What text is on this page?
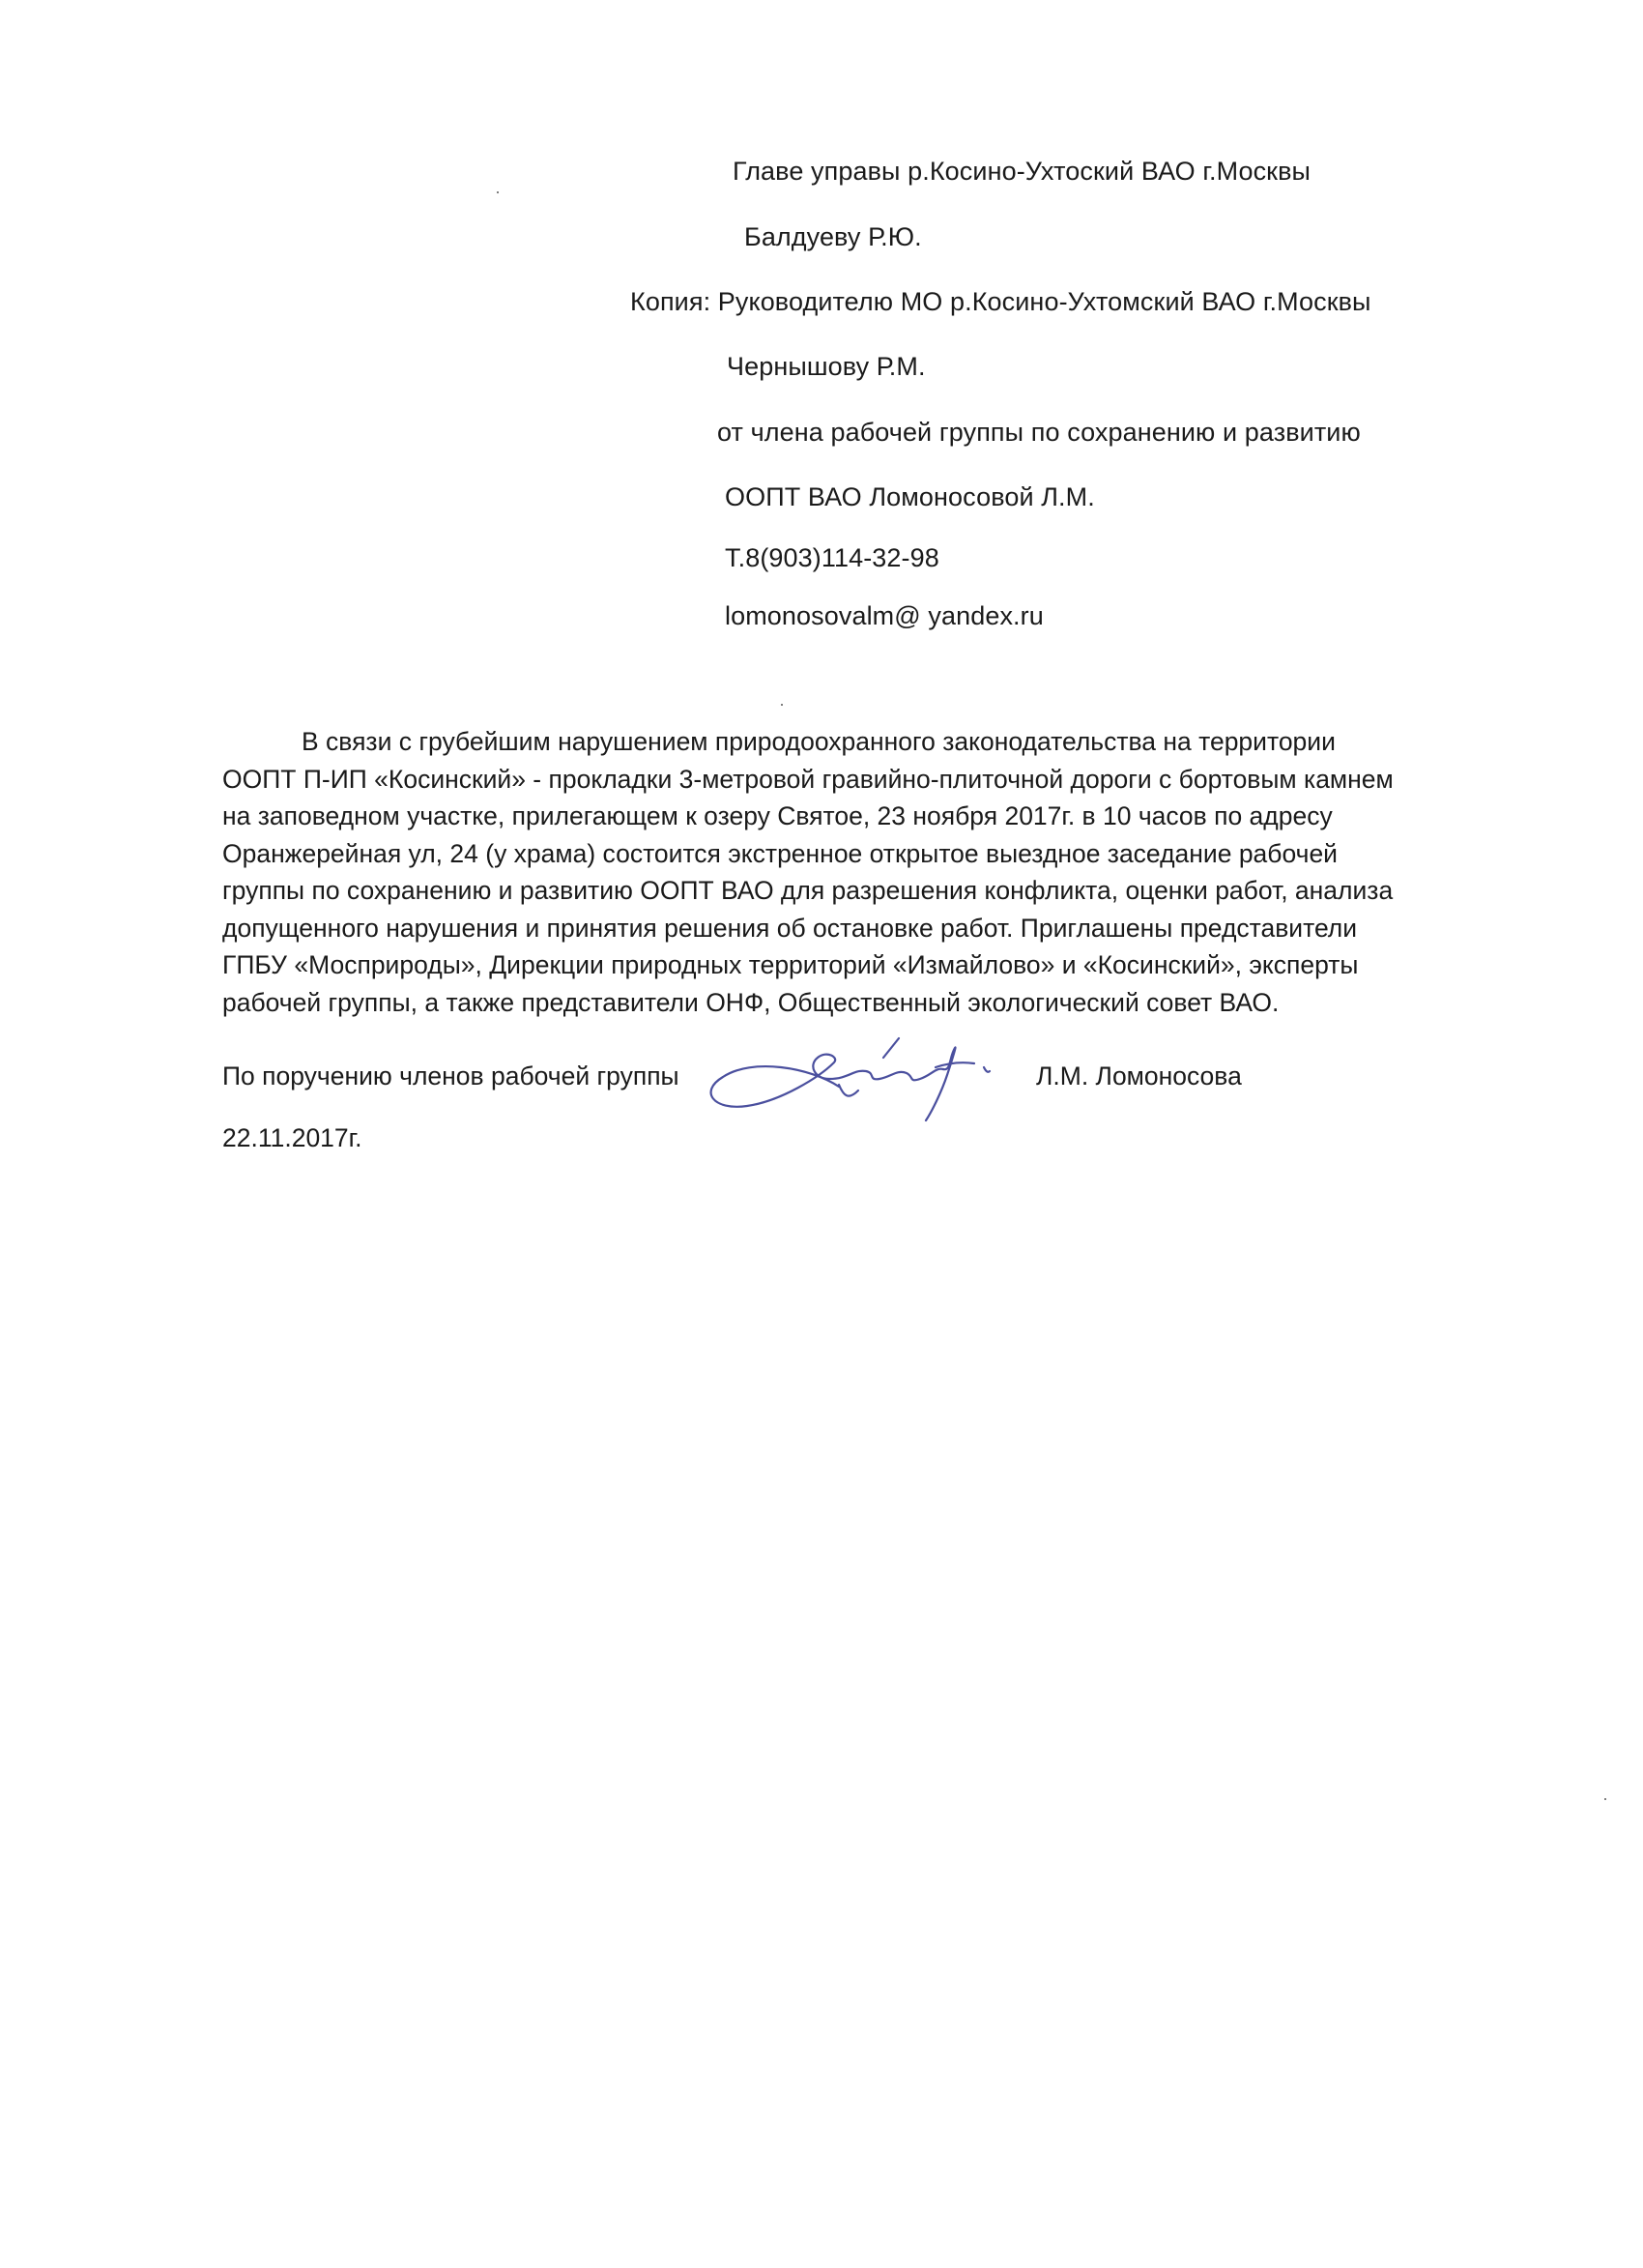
Главе управы р.Косино-Ухтоский ВАО г.Москвы
Балдуеву Р.Ю.
Копия: Руководителю МО р.Косино-Ухтомский ВАО г.Москвы
Чернышову Р.М.
от члена рабочей группы по сохранению и развитию
ООПТ ВАО Ломоносовой Л.М.
Т.8(903)114-32-98
lomonosovalm@ yandex.ru
В связи с грубейшим нарушением природоохранного законодательства на территории
ООПТ П-ИП «Косинский» - прокладки 3-метровой гравийно-плиточной дороги с бортовым камнем
на заповедном участке, прилегающем к озеру Святое, 23 ноября 2017г. в 10 часов по адресу
Оранжерейная ул, 24 (у храма) состоится экстренное открытое выездное заседание рабочей
группы по сохранению и развитию ООПТ ВАО для разрешения конфликта, оценки работ, анализа
допущенного нарушения и принятия решения об остановке работ. Приглашены представители
ГПБУ «Мосприроды», Дирекции природных территорий «Измайлово» и «Косинский», эксперты
рабочей группы, а также представители ОНФ, Общественный экологический совет ВАО.
По поручению членов рабочей группы	Л.М. Ломоносова
22.11.2017г.
